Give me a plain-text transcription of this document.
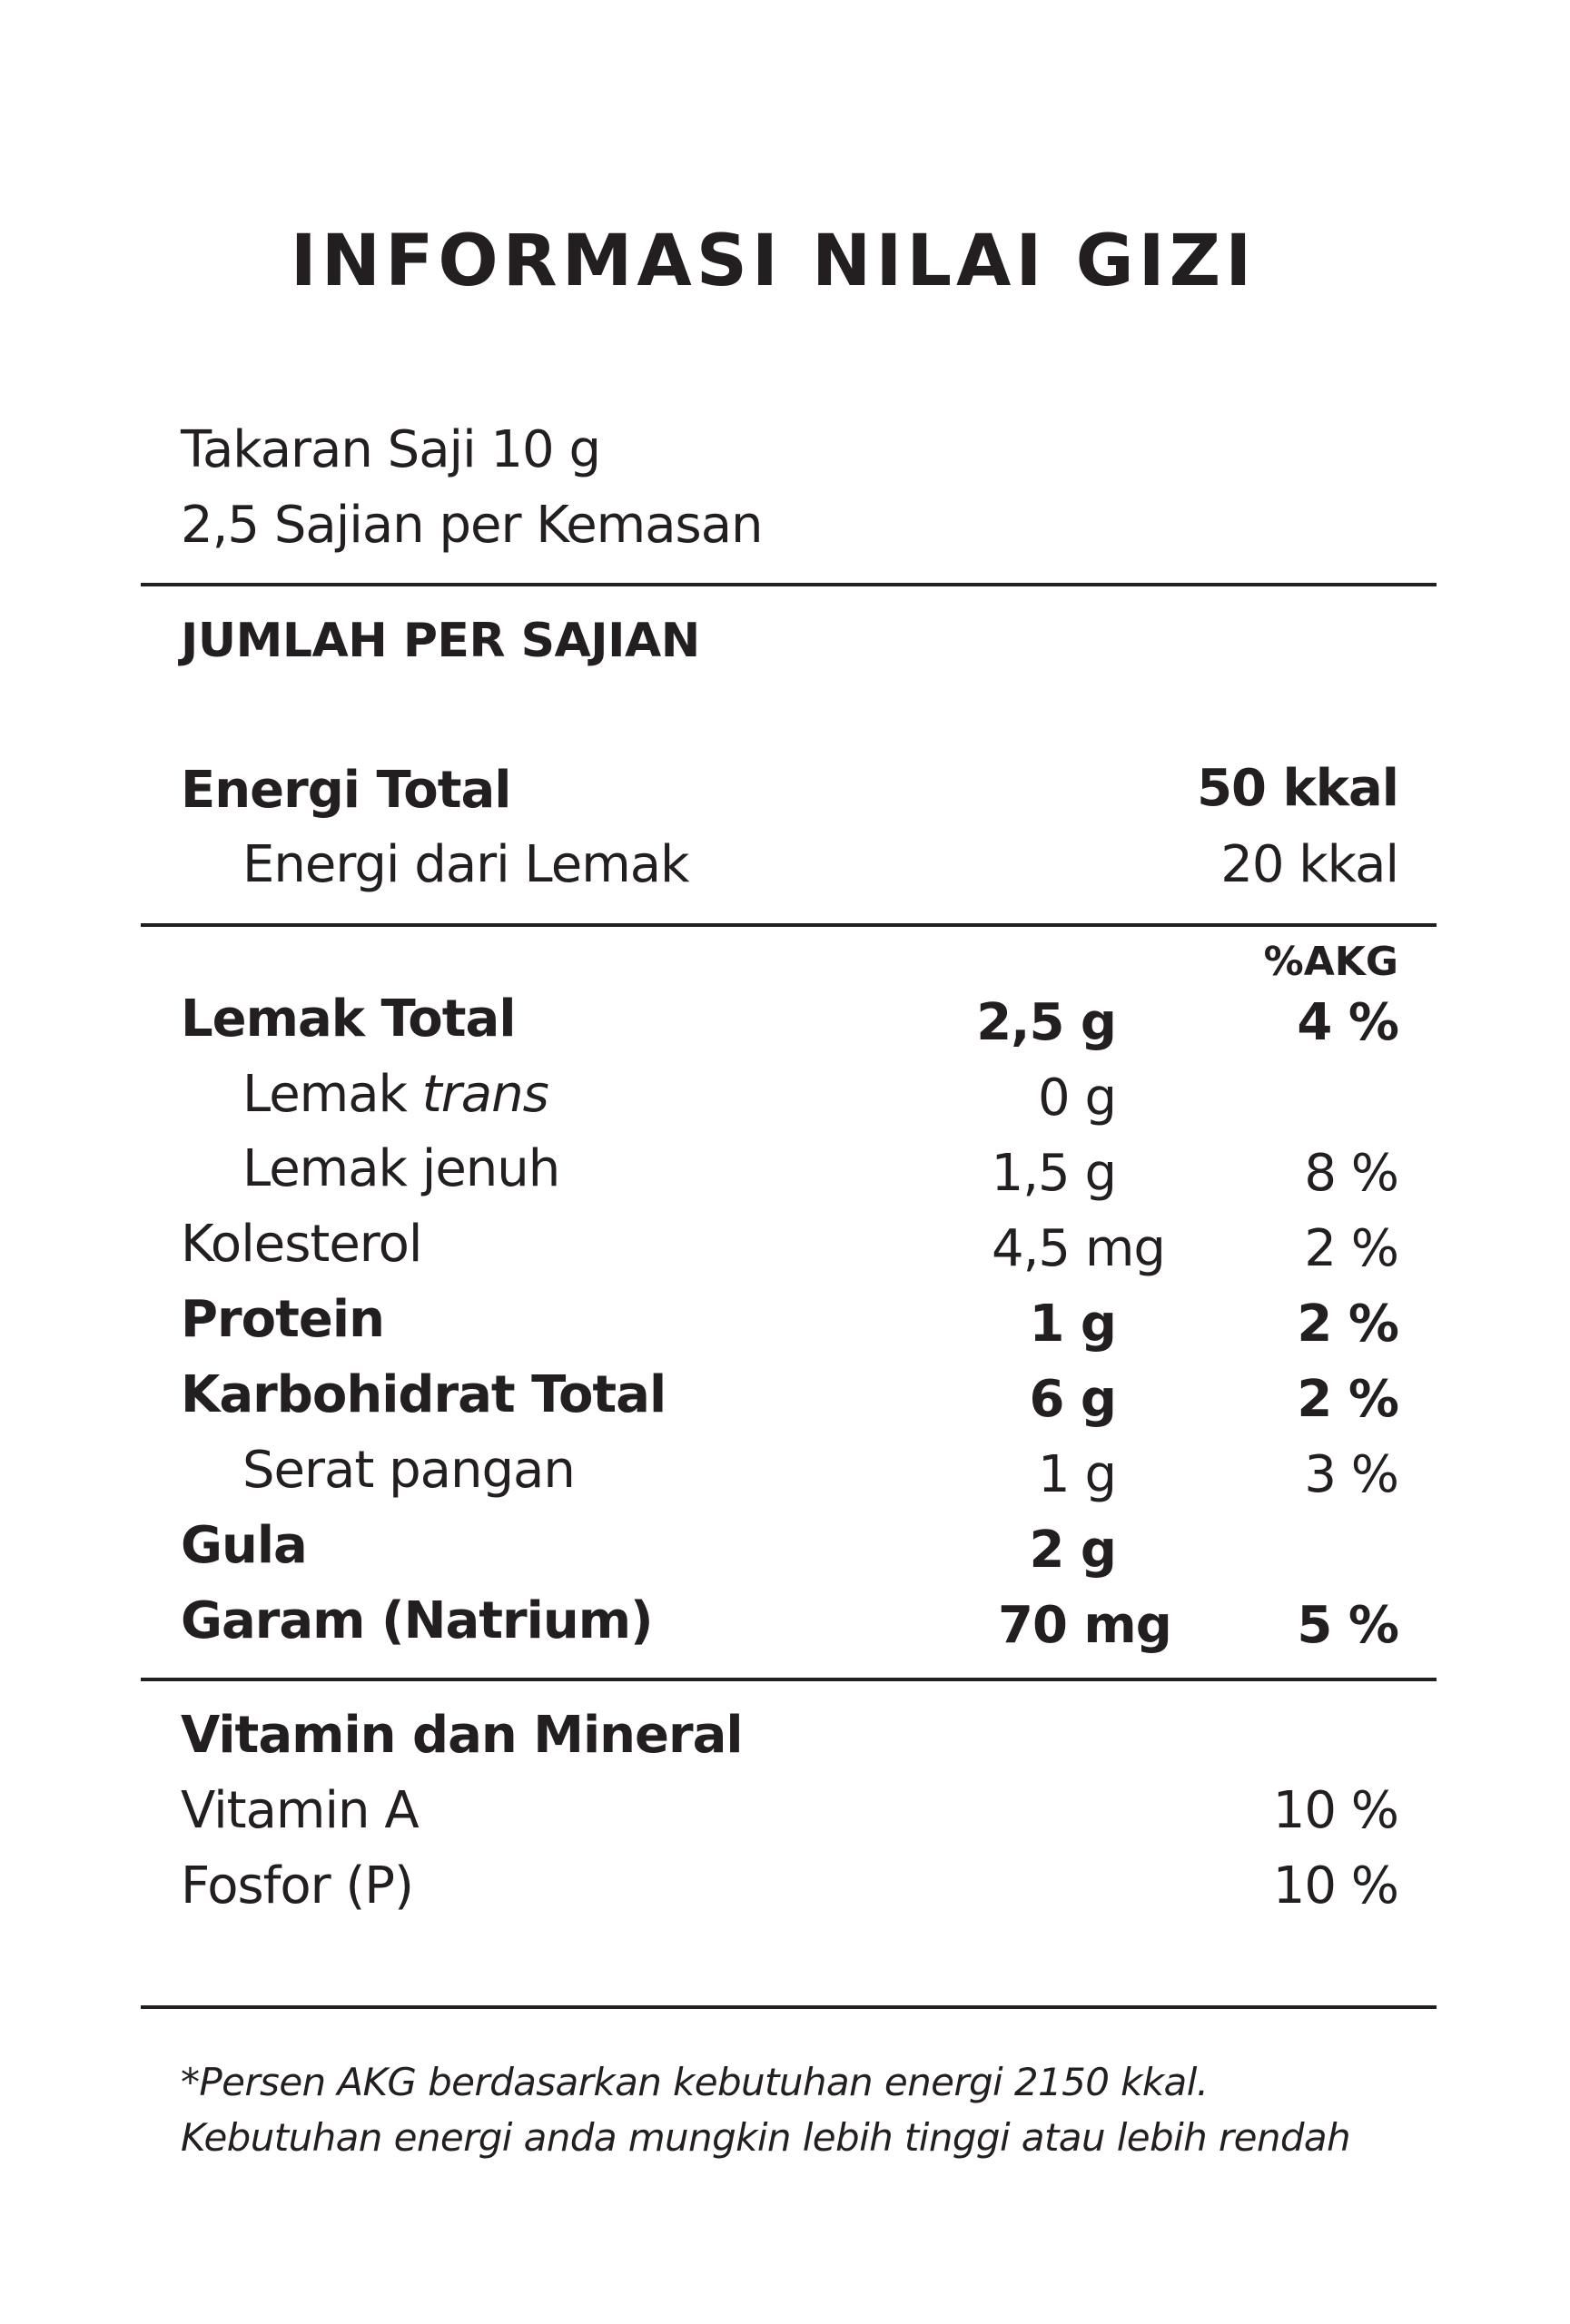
INFORMASI NILAI GIZI
Takaran Saji 10 g
2,5 Sajian per Kemasan
JUMLAH PER SAJIAN
Energi Total	50 kkal
Energi dari Lemak	20 kkal
%AKG
Lemak Total	2,5 g	4 %
Lemak trans	0 g
Lemak jenuh	1,5 g	8 %
Kolesterol	4,5 mg	2 %
Protein	1 g	2 %
Karbohidrat Total	6 g	2 %
Serat pangan	1 g	3 %
Gula	2 g
Garam (Natrium)	70 mg 5 %
Vitamin dan Mineral
Vitamin A	10 %
Fosfor (P)	10 %
*Persen AKG berdasarkan kebutuhan energi 2150 kkal.
Kebutuhan energi anda mungkin lebih tinggi atau lebih rendah
